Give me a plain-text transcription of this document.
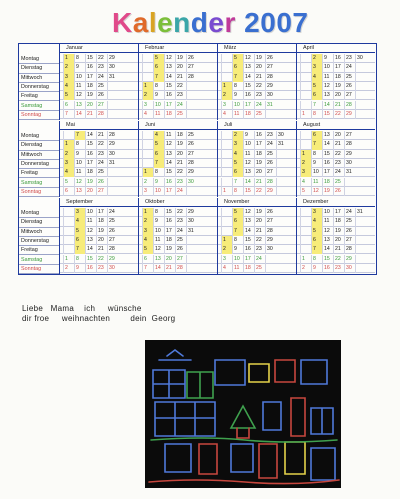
Kalender 2007
Montag
Dienstag
Mittwoch
Donnerstag
Freitag
Samstag
Sonntag
Januar
1	8	15	22	29
2	9	16	23	30
3	10	17	24	31
4	11	18	25
5	12	19	26
6	13	20	27
7	14	21	28
Februar
5	12	19	26
6	13	20	27
7	14	21	28
1	8	15	22
2	9	16	23
3	10	17	24
4	11	18	25
März
5	12	19	26
6	13	20	27
7	14	21	28
1	8	15	22	29
2	9	16	23	30
3	10	17	24	31
4	11	18	25
April
2	9	16	23	30
3	10	17	24
4	11	18	25
5	12	19	26
6	13	20	27
7	14	21	28
1	8	15	22	29
Montag
Dienstag
Mittwoch
Donnerstag
Freitag
Samstag
Sonntag
Mai
7	14	21	28
1	8	15	22	29
2	9	16	23	30
3	10	17	24	31
4	11	18	25
5	12	19	26
6	13	20	27
Juni
4	11	18	25
5	12	19	26
6	13	20	27
7	14	21	28
1	8	15	22	29
2	9	16	23	30
3	10	17	24
Juli
2	9	16	23	30
3	10	17	24	31
4	11	18	25
5	12	19	26
6	13	20	27
7	14	21	28
1	8	15	22	29
August
6	13	20	27
7	14	21	28
1	8	15	22	29
2	9	16	23	30
3	10	17	24	31
4	11	18	25
5	12	19	26
Montag
Dienstag
Mittwoch
Donnerstag
Freitag
Samstag
Sonntag
September
3	10	17	24
4	11	18	25
5	12	19	26
6	13	20	27
7	14	21	28
1	8	15	22	29
2	9	16	23	30
Oktober
1	8	15	22	29
2	9	16	23	30
3	10	17	24	31
4	11	18	25
5	12	19	26
6	13	20	27
7	14	21	28
November
5	12	19	26
6	13	20	27
7	14	21	28
1	8	15	22	29
2	9	16	23	30
3	10	17	24
4	11	18	25
Dezember
3	10	17	24	31
4	11	18	25
5	12	19	26
6	13	20	27
7	14	21	28
1	8	15	22	29
2	9	16	23	30
Liebe   Mama    ich     wünsche
dir froe     weihnachten        dein  Georg
